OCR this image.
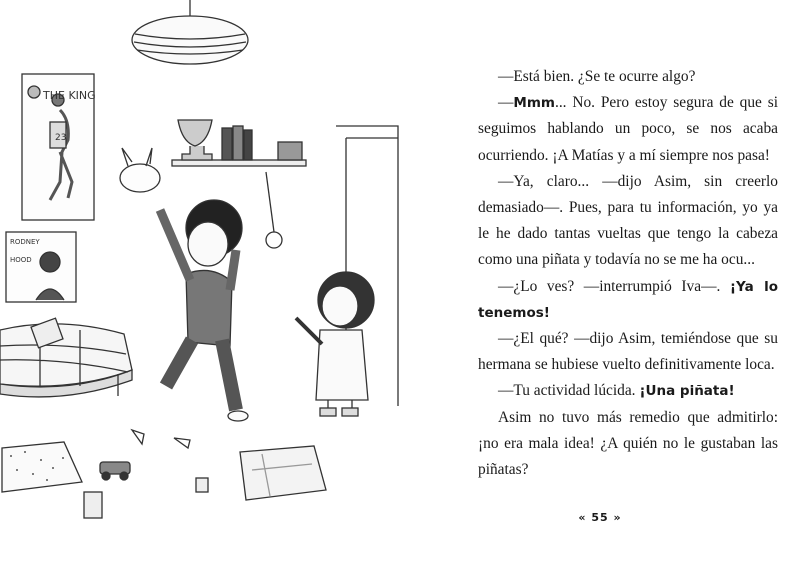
23
THE KING
RODNEY
HOOD

—Está bien. ¿Se te ocurre algo?

—Mmm... No. Pero estoy segura de que si seguimos hablando un poco, se nos acaba ocurriendo. ¡A Matías y a mí siempre nos pasa!

—Ya, claro... —dijo Asim, sin creerlo demasiado—. Pues, para tu información, yo ya le he dado tantas vueltas que tengo la cabeza como una piñata y todavía no se me ha ocu...

—¿Lo ves? —interrumpió Iva—. ¡Ya lo tenemos!

—¿El qué? —dijo Asim, temiéndose que su hermana se hubiese vuelto definitivamente loca.

—Tu actividad lúcida. ¡Una piñata!

Asim no tuvo más remedio que admitirlo: ¡no era mala idea! ¿A quién no le gustaban las piñatas?

« 55 »
